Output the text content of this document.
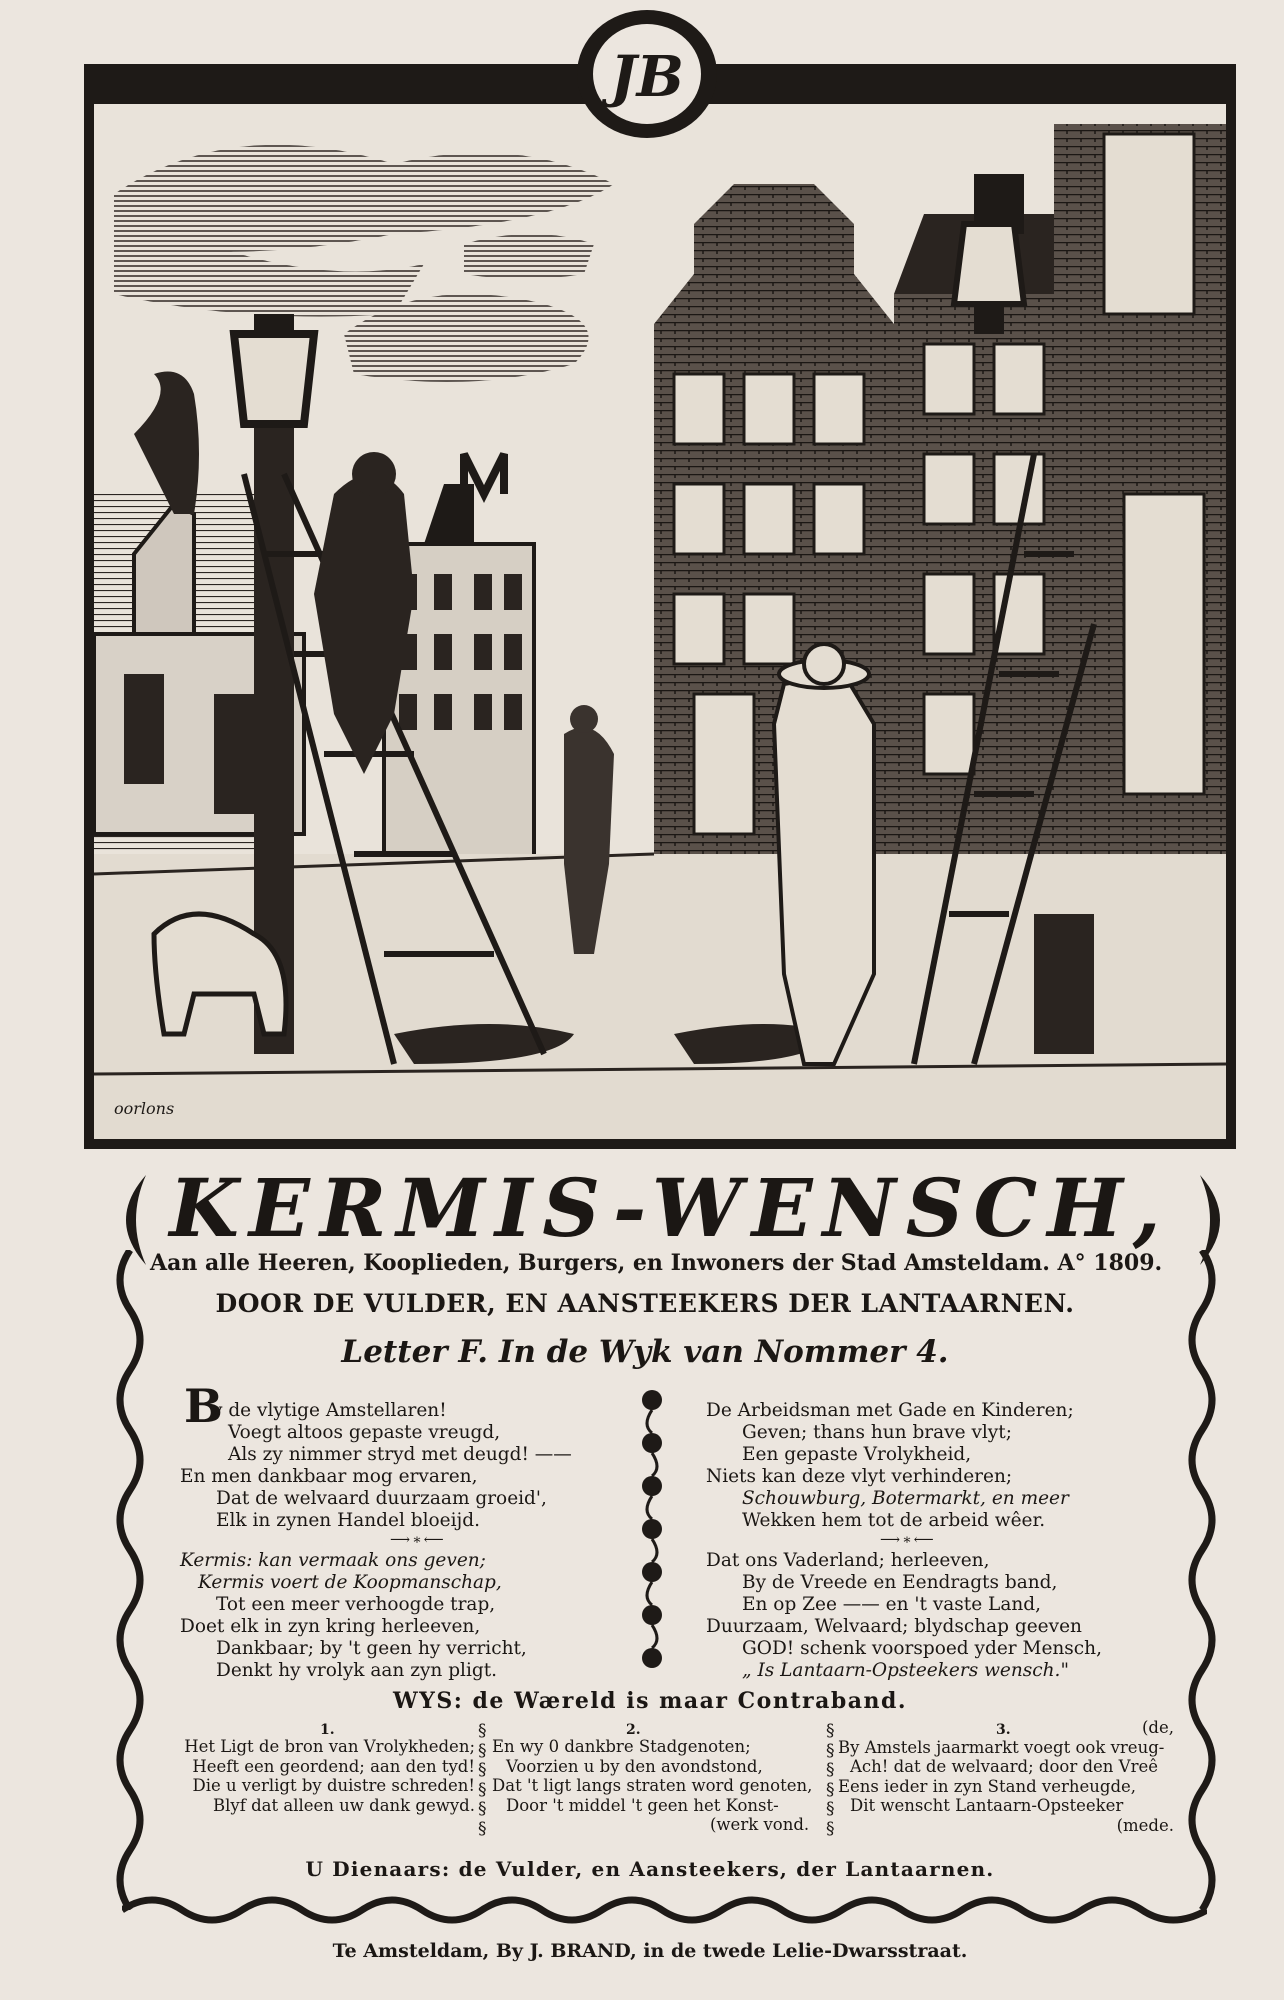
oorlons
JB
KERMIS-WENSCH,
Aan alle Heeren, Kooplieden, Burgers, en Inwoners der Stad Amsteldam. A° 1809.
DOOR DE VULDER, EN AANSTEEKERS DER LANTAARNEN.
Letter F. In de Wyk van Nommer 4.
B
y de vlytige Amstellaren!
Voegt altoos gepaste vreugd,
Als zy nimmer stryd met deugd! ——
En men dankbaar mog ervaren,
Dat de welvaard duurzaam groeid',
Elk in zynen Handel bloeijd.
⟶∗⟵
Kermis: kan vermaak ons geven;
Kermis voert de Koopmanschap,
Tot een meer verhoogde trap,
Doet elk in zyn kring herleeven,
Dankbaar; by 't geen hy verricht,
Denkt hy vrolyk aan zyn pligt.
De Arbeidsman met Gade en Kinderen;
Geven; thans hun brave vlyt;
Een gepaste Vrolykheid,
Niets kan deze vlyt verhinderen;
Schouwburg, Botermarkt, en meer
Wekken hem tot de arbeid wêer.
⟶∗⟵
Dat ons Vaderland; herleeven,
By de Vreede en Eendragts band,
En op Zee —— en 't vaste Land,
Duurzaam, Welvaard; blydschap geeven
GOD! schenk voorspoed yder Mensch,
„ Is Lantaarn-Opsteekers wensch."
WYS: de Wæreld is maar Contraband.
1.	2.	3.
Het Ligt de bron van Vrolykheden;
Heeft een geordend; aan den tyd!
Die u verligt by duistre schreden!
Blyf dat alleen uw dank gewyd.
§
§
§
§
§
§
En wy 0 dankbre Stadgenoten;
Voorzien u by den avondstond,
Dat 't ligt langs straten word genoten,
Door 't middel 't geen het Konst-
(werk vond.
§
§
§
§
§
§
(de,
By Amstels jaarmarkt voegt ook vreug-
Ach! dat de welvaard; door den Vreê
Eens ieder in zyn Stand verheugde,
Dit wenscht Lantaarn-Opsteeker
(mede.
U Dienaars: de Vulder, en Aansteekers, der Lantaarnen.
Te Amsteldam, By J. BRAND, in de twede Lelie-Dwarsstraat.
